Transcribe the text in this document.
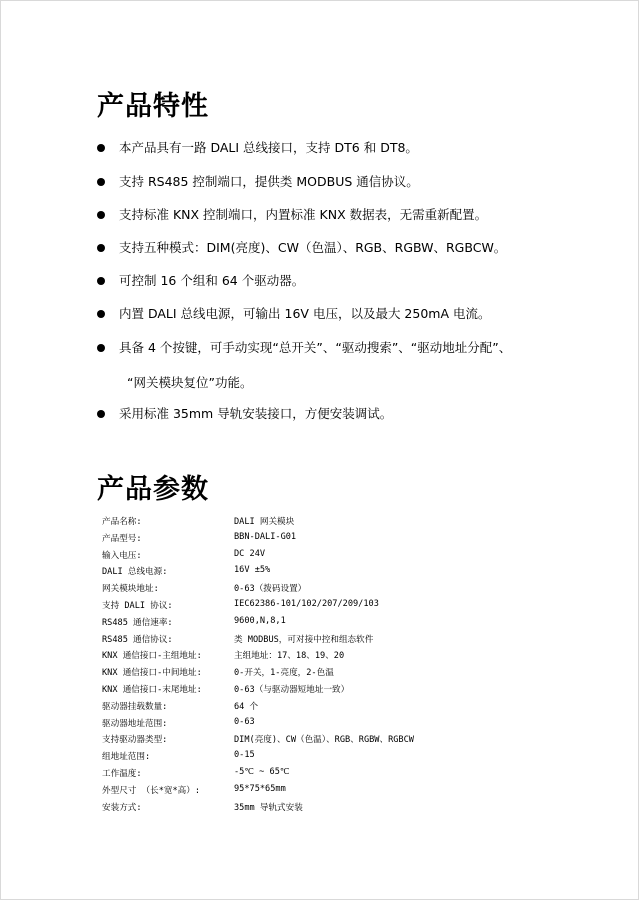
产品特性
本产品具有一路 DALI 总线接口，支持 DT6 和 DT8。
支持 RS485 控制端口，提供类 MODBUS 通信协议。
支持标准 KNX 控制端口，内置标准 KNX 数据表，无需重新配置。
支持五种模式：DIM(亮度)、CW（色温）、RGB、RGBW、RGBCW。
可控制 16 个组和 64 个驱动器。
内置 DALI 总线电源，可输出 16V 电压，以及最大 250mA 电流。
具备 4 个按键，可手动实现“总开关”、“驱动搜索”、“驱动地址分配”、
“网关模块复位”功能。
采用标准 35mm 导轨安装接口，方便安装调试。
产品参数
产品名称:	DALI 网关模块
产品型号:	BBN-DALI-G01
输入电压:	DC 24V
DALI 总线电源:	16V ±5%
网关模块地址:	0-63（拨码设置）
支持 DALI 协议:	IEC62386-101/102/207/209/103
RS485 通信速率:	9600,N,8,1
RS485 通信协议:	类 MODBUS，可对接中控和组态软件
KNX 通信接口-主组地址:	主组地址：17、18、19、20
KNX 通信接口-中间地址:	0-开关，1-亮度，2-色温
KNX 通信接口-末尾地址:	0-63（与驱动器短地址一致）
驱动器挂载数量:	64 个
驱动器地址范围:	0-63
支持驱动器类型:	DIM(亮度)、CW（色温）、RGB、RGBW、RGBCW
组地址范围:	0-15
工作温度:	-5℃ ~ 65℃
外型尺寸 （长*宽*高）:	95*75*65mm
安装方式:	35mm 导轨式安装
